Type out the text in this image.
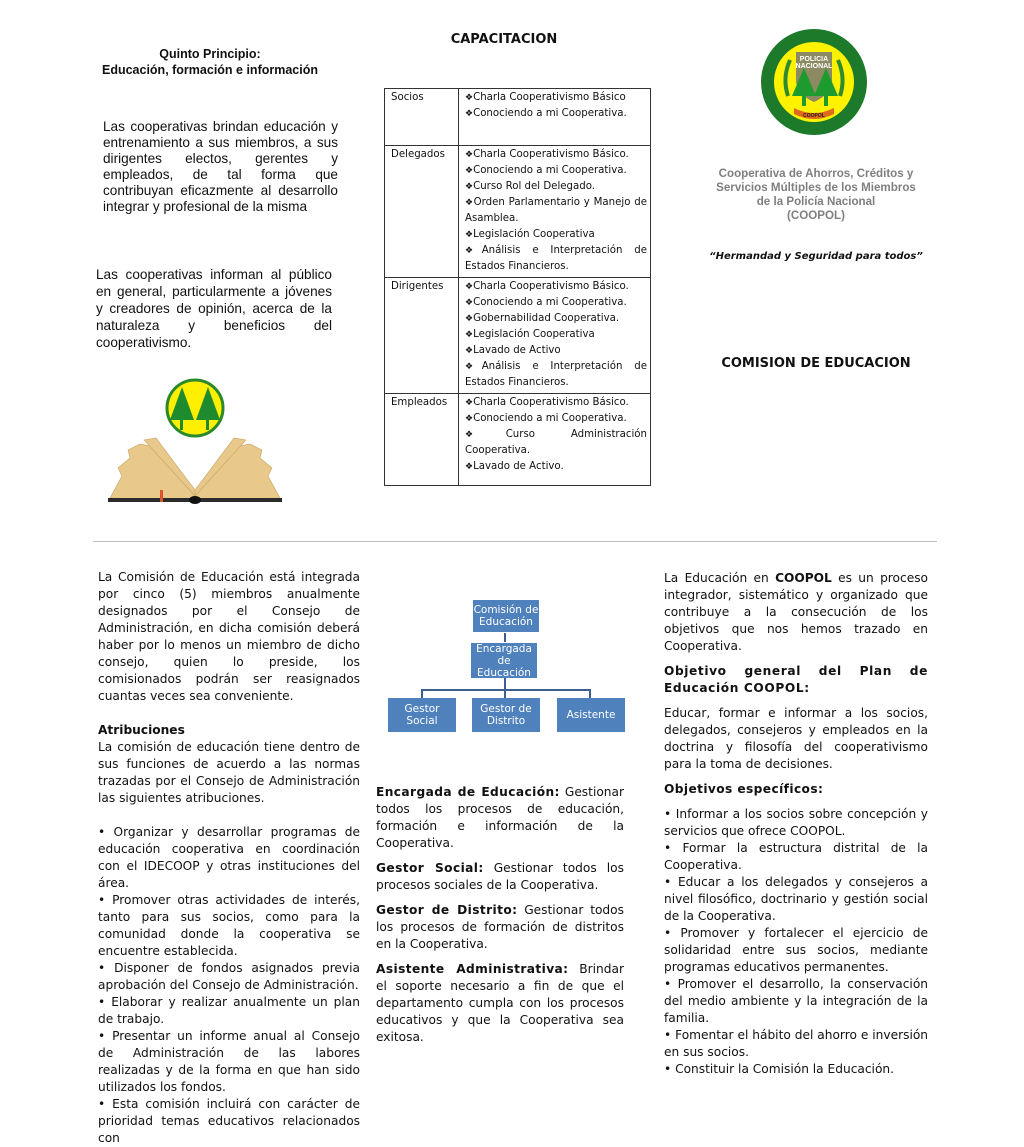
Quinto Principio:
Educación, formación e información
Las cooperativas brindan educación y entrenamiento a sus miembros, a sus dirigentes electos, gerentes y empleados, de tal forma que contribuyan eficazmente al desarrollo integrar y profesional de la misma
Las cooperativas informan al público en general, particularmente a jóvenes y creadores de opinión, acerca de la naturaleza y beneficios del cooperativismo.
CAPACITACION
Socios	❖Charla Cooperativismo Básico
❖Conociendo a mi Cooperativa.

Delegados	❖Charla Cooperativismo Básico.
❖Conociendo a mi Cooperativa.
❖Curso Rol del Delegado.
❖Orden Parlamentario y Manejo de Asamblea.
❖Legislación Cooperativa
❖Análisis e Interpretación de Estados Financieros.

Dirigentes	❖Charla Cooperativismo Básico.
❖Conociendo a mi Cooperativa.
❖Gobernabilidad Cooperativa.
❖Legislación Cooperativa
❖Lavado de Activo
❖Análisis e Interpretación de Estados Financieros.

Empleados	❖Charla Cooperativismo Básico.
❖Conociendo a mi Cooperativa.
❖Curso Administración Cooperativa.
❖Lavado de Activo.
POLICIA
NACIONAL
COOPOL
Cooperativa de Ahorros, Créditos y
Servicios Múltiples de los Miembros
de la Policía Nacional
(COOPOL)
“Hermandad y Seguridad para todos”
COMISION DE EDUCACION

La Comisión de Educación está integrada por cinco (5) miembros anualmente designados por el Consejo de Administración, en dicha comisión deberá haber por lo menos un miembro de dicho consejo, quien lo preside, los comisionados podrán ser reasignados cuantas veces sea conveniente.

Atribuciones

La comisión de educación tiene dentro de sus funciones de acuerdo a las normas trazadas por el Consejo de Administración las siguientes atribuciones.

• Organizar y desarrollar programas de educación cooperativa en coordinación con el IDECOOP y otras instituciones del área.
• Promover otras actividades de interés, tanto para sus socios, como para la comunidad donde la cooperativa se encuentre establecida.
• Disponer de fondos asignados previa aprobación del Consejo de Administración.
• Elaborar y realizar anualmente un plan de trabajo.
• Presentar un informe anual al Consejo de Administración de las labores realizadas y de la forma en que han sido utilizados los fondos.
• Esta comisión incluirá con carácter de prioridad temas educativos relacionados con
Comisión de Educación
Encargada de Educación
Gestor Social
Gestor de Distrito	Asistente

Encargada de Educación: Gestionar todos los procesos de educación, formación e información de la Cooperativa.

Gestor Social: Gestionar todos los procesos sociales de la Cooperativa.

Gestor de Distrito: Gestionar todos los procesos de formación de distritos en la Cooperativa.

Asistente Administrativa: Brindar el soporte necesario a fin de que el departamento cumpla con los procesos educativos y que la Cooperativa sea exitosa.

La Educación en COOPOL es un proceso integrador, sistemático y organizado que contribuye a la consecución de los objetivos que nos hemos trazado en Cooperativa.

Objetivo general del Plan de Educación COOPOL:

Educar, formar e informar a los socios, delegados, consejeros y empleados en la doctrina y filosofía del cooperativismo para la toma de decisiones.

Objetivos específicos:

• Informar a los socios sobre concepción y servicios que ofrece COOPOL.
• Formar la estructura distrital de la Cooperativa.
• Educar a los delegados y consejeros a nivel filosófico, doctrinario y gestión social de la Cooperativa.
• Promover y fortalecer el ejercicio de solidaridad entre sus socios, mediante programas educativos permanentes.
• Promover el desarrollo, la conservación del medio ambiente y la integración de la familia.
• Fomentar el hábito del ahorro e inversión en sus socios.
• Constituir la Comisión la Educación.
